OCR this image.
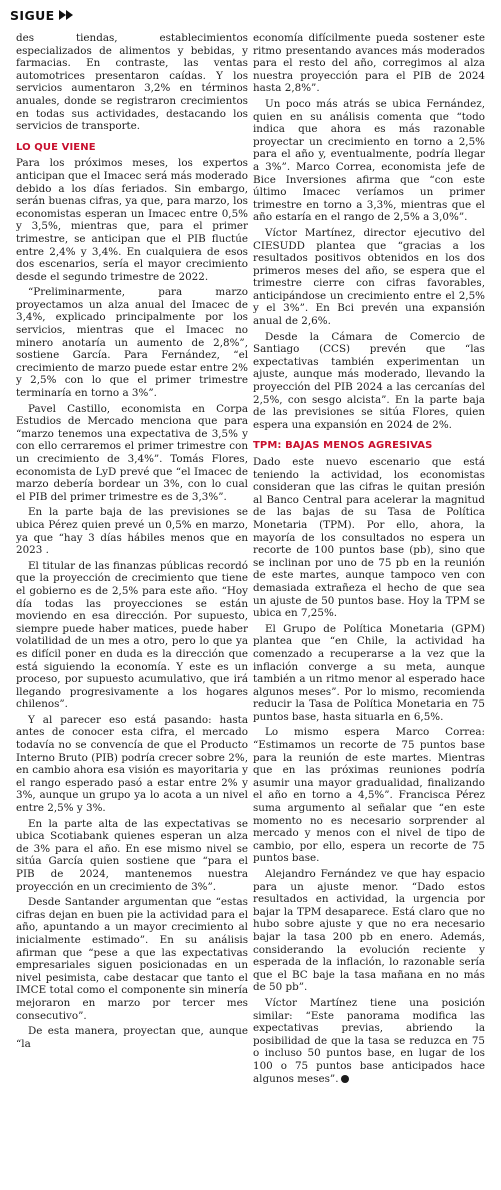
SIGUE

des tiendas, establecimientos especializados de alimentos y bebidas, y farmacias. En contraste, las ventas automotrices presentaron caídas. Y los servicios aumentaron 3,2% en términos anuales, donde se registraron crecimientos en todas sus actividades, destacando los servicios de transporte.

LO QUE VIENE

Para los próximos meses, los expertos anticipan que el Imacec será más moderado debido a los días feriados. Sin embargo, serán buenas cifras, ya que, para marzo, los economistas esperan un Imacec entre 0,5% y 3,5%, mientras que, para el primer trimestre, se anticipan que el PIB fluctúe entre 2,4% y 3,4%. En cualquiera de esos dos escenarios, sería el mayor crecimiento desde el segundo trimestre de 2022.

“Preliminarmente, para marzo proyectamos un alza anual del Imacec de 3,4%, explicado principalmente por los servicios, mientras que el Imacec no minero anotaría un aumento de 2,8%”, sostiene García. Para Fernández, “el crecimiento de marzo puede estar entre 2% y 2,5% con lo que el primer trimestre terminaría en torno a 3%”.

Pavel Castillo, economista en Corpa Estudios de Mercado menciona que para “marzo tenemos una expectativa de 3,5% y con ello cerraremos el primer trimestre con un crecimiento de 3,4%”. Tomás Flores, economista de LyD prevé que “el Imacec de marzo debería bordear un 3%, con lo cual el PIB del primer trimestre es de 3,3%”.

En la parte baja de las previsiones se ubica Pérez quien prevé un 0,5% en marzo, ya que “hay 3 días hábiles menos que en 2023 .

El titular de las finanzas públicas recordó que la proyección de crecimiento que tiene el gobierno es de 2,5% para este año. “Hoy día todas las proyecciones se están moviendo en esa dirección. Por supuesto, siempre puede haber matices, puede haber volatilidad de un mes a otro, pero lo que ya es difícil poner en duda es la dirección que está siguiendo la economía. Y este es un proceso, por supuesto acumulativo, que irá llegando progresivamente a los hogares chilenos”.

Y al parecer eso está pasando: hasta antes de conocer esta cifra, el mercado todavía no se convencía de que el Producto Interno Bruto (PIB) podría crecer sobre 2%, en cambio ahora esa visión es mayoritaria y el rango esperado pasó a estar entre 2% y 3%, aunque un grupo ya lo acota a un nivel entre 2,5% y 3%.

En la parte alta de las expectativas se ubica Scotiabank quienes esperan un alza de 3% para el año. En ese mismo nivel se sitúa García quien sostiene que “para el PIB de 2024, mantenemos nuestra proyección en un crecimiento de 3%”.

Desde Santander argumentan que “estas cifras dejan en buen pie la actividad para el año, apuntando a un mayor crecimiento al inicialmente estimado”. En su análisis afirman que “pese a que las expectativas empresariales siguen posicionadas en un nivel pesimista, cabe destacar que tanto el IMCE total como el componente sin minería mejoraron en marzo por tercer mes consecutivo”.

De esta manera, proyectan que, aunque “la

economía difícilmente pueda sostener este ritmo presentando avances más moderados para el resto del año, corregimos al alza nuestra proyección para el PIB de 2024 hasta 2,8%”.

Un poco más atrás se ubica Fernández, quien en su análisis comenta que “todo indica que ahora es más razonable proyectar un crecimiento en torno a 2,5% para el año y, eventualmente, podría llegar a 3%”. Marco Correa, economista jefe de Bice Inversiones afirma que “con este último Imacec veríamos un primer trimestre en torno a 3,3%, mientras que el año estaría en el rango de 2,5% a 3,0%”.

Víctor Martínez, director ejecutivo del CIESUDD plantea que “gracias a los resultados positivos obtenidos en los dos primeros meses del año, se espera que el trimestre cierre con cifras favorables, anticipándose un crecimiento entre el 2,5% y el 3%”. En Bci prevén una expansión anual de 2,6%.

Desde la Cámara de Comercio de Santiago (CCS) prevén que “las expectativas también experimentan un ajuste, aunque más moderado, llevando la proyección del PIB 2024 a las cercanías del 2,5%, con sesgo alcista”. En la parte baja de las previsiones se sitúa Flores, quien espera una expansión en 2024 de 2%.

TPM: BAJAS MENOS AGRESIVAS

Dado este nuevo escenario que está teniendo la actividad, los economistas consideran que las cifras le quitan presión al Banco Central para acelerar la magnitud de las bajas de su Tasa de Política Monetaria (TPM). Por ello, ahora, la mayoría de los consultados no espera un recorte de 100 puntos base (pb), sino que se inclinan por uno de 75 pb en la reunión de este martes, aunque tampoco ven con demasiada extrañeza el hecho de que sea un ajuste de 50 puntos base. Hoy la TPM se ubica en 7,25%.

El Grupo de Política Monetaria (GPM) plantea que “en Chile, la actividad ha comenzado a recuperarse a la vez que la inflación converge a su meta, aunque también a un ritmo menor al esperado hace algunos meses”. Por lo mismo, recomienda reducir la Tasa de Política Monetaria en 75 puntos base, hasta situarla en 6,5%.

Lo mismo espera Marco Correa: “Estimamos un recorte de 75 puntos base para la reunión de este martes. Mientras que en las próximas reuniones podría asumir una mayor gradualidad, finalizando el año en torno a 4,5%”. Francisca Pérez suma argumento al señalar que “en este momento no es necesario sorprender al mercado y menos con el nivel de tipo de cambio, por ello, espera un recorte de 75 puntos base.

Alejandro Fernández ve que hay espacio para un ajuste menor. “Dado estos resultados en actividad, la urgencia por bajar la TPM desaparece. Está claro que no hubo sobre ajuste y que no era necesario bajar la tasa 200 pb en enero. Además, considerando la evolución reciente y esperada de la inflación, lo razonable sería que el BC baje la tasa mañana en no más de 50 pb”.

Víctor Martínez tiene una posición similar: “Este panorama modifica las expectativas previas, abriendo la posibilidad de que la tasa se reduzca en 75 o incluso 50 puntos base, en lugar de los 100 o 75 puntos base anticipados hace algunos meses”.
